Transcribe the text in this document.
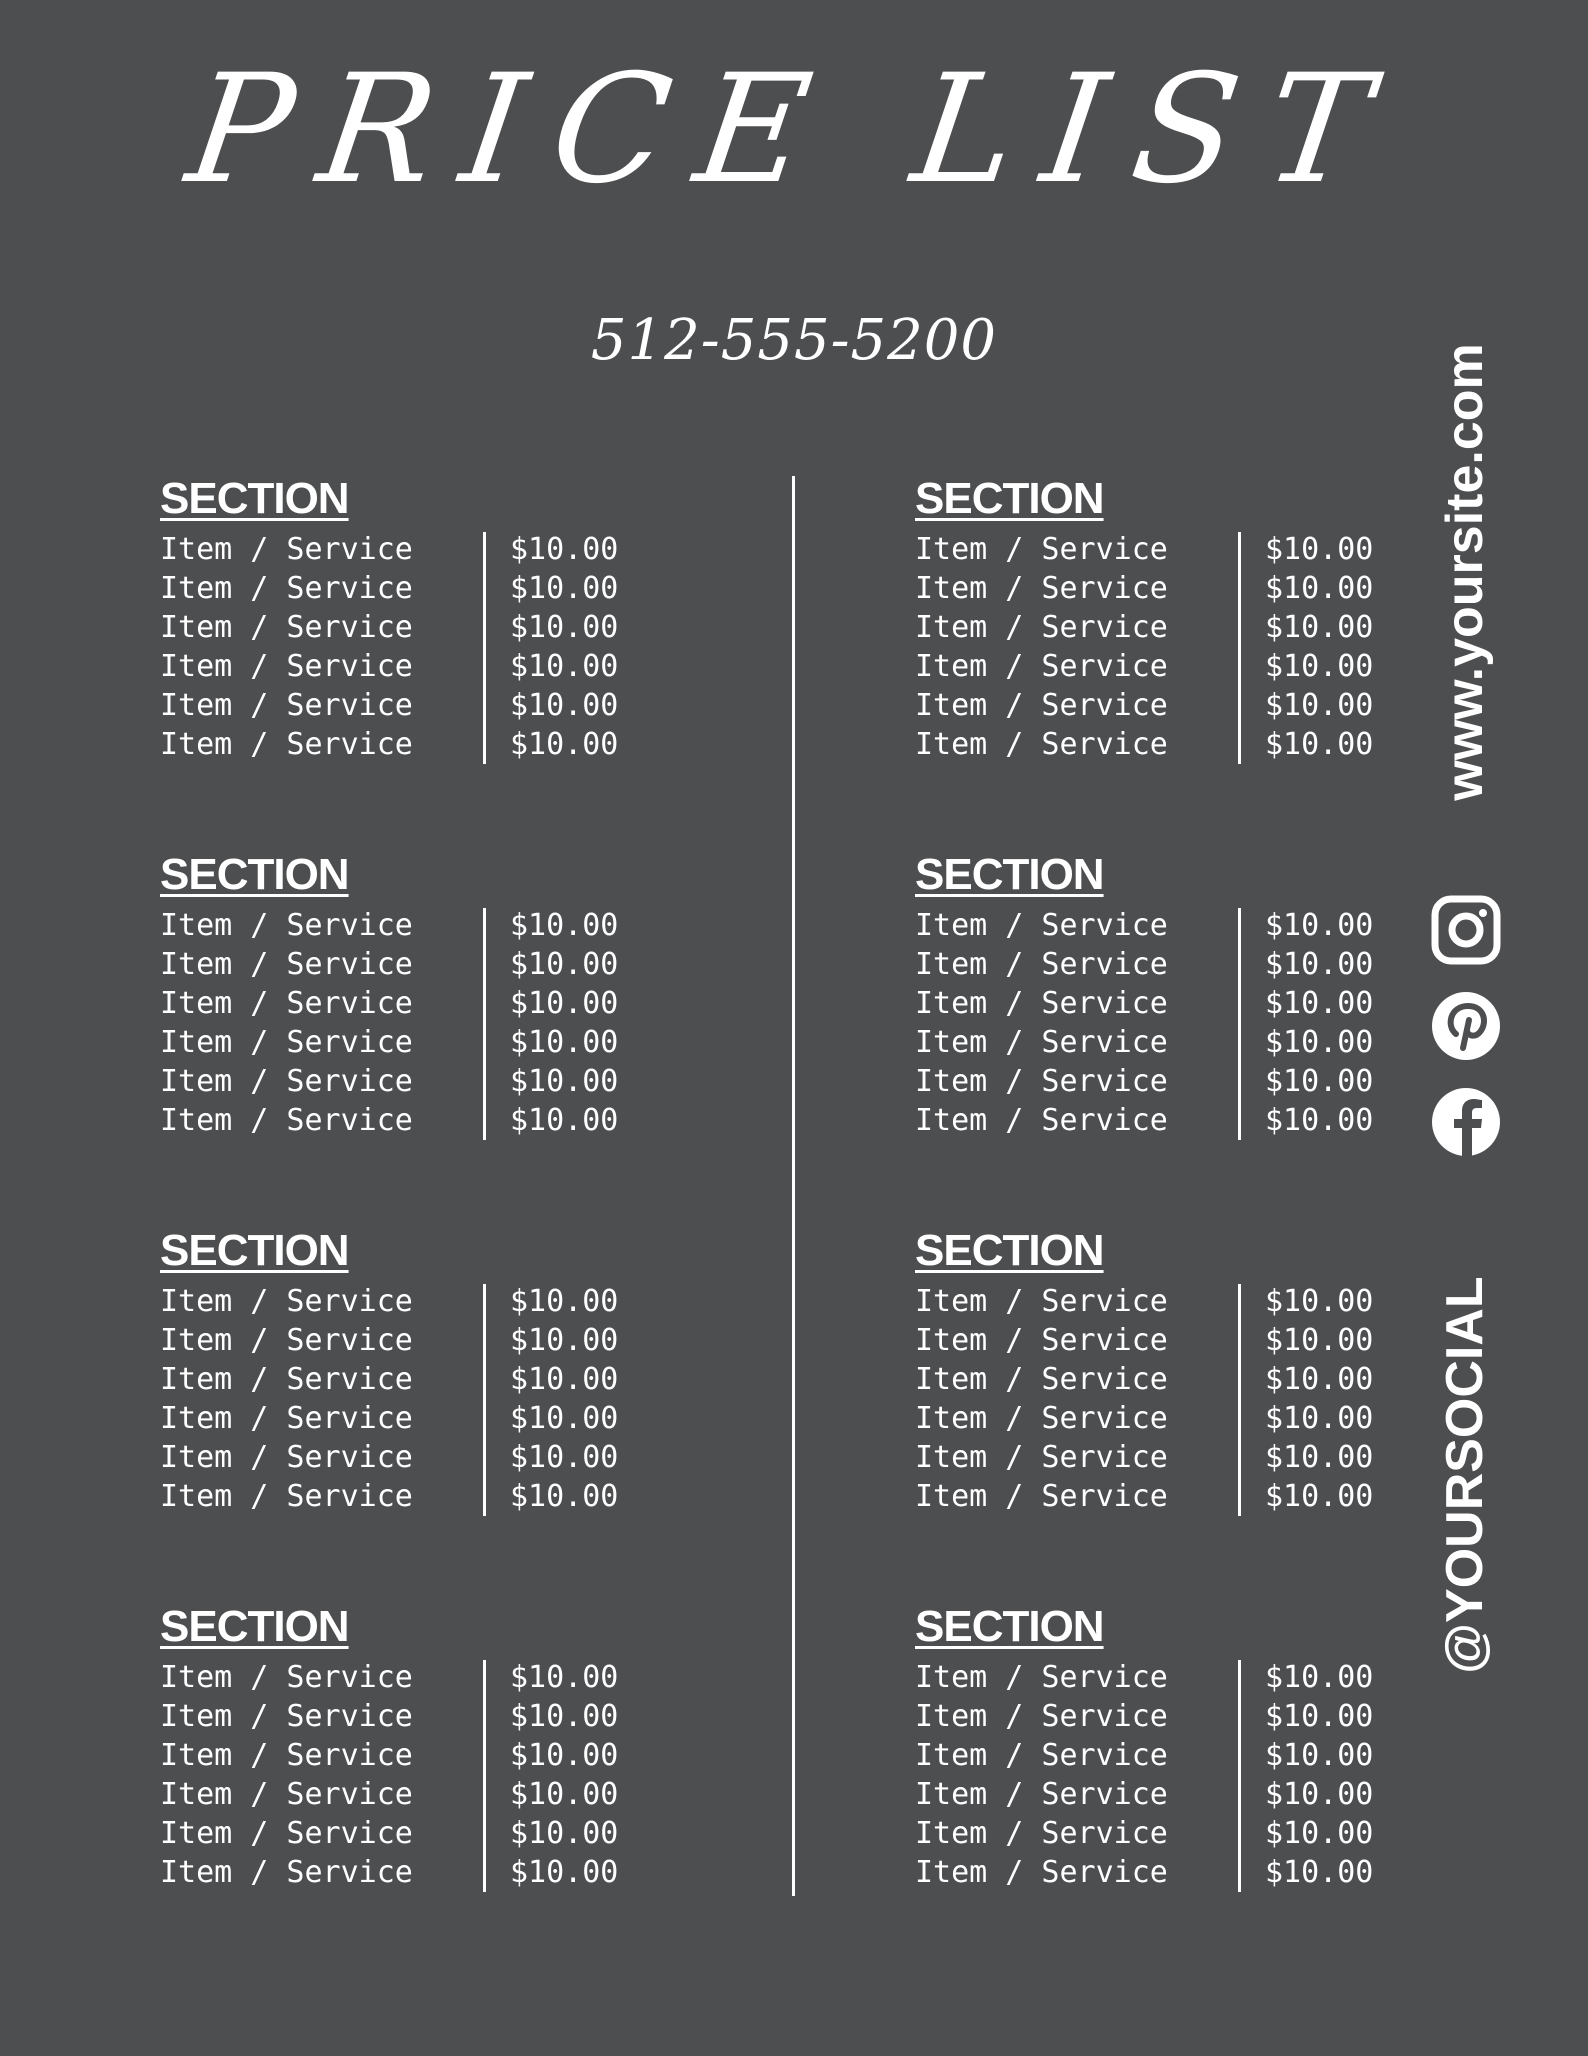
PRICE LIST
512-555-5200
SECTION
Item / Service	$10.00
Item / Service	$10.00
Item / Service	$10.00
Item / Service	$10.00
Item / Service	$10.00
Item / Service	$10.00
SECTION
Item / Service	$10.00
Item / Service	$10.00
Item / Service	$10.00
Item / Service	$10.00
Item / Service	$10.00
Item / Service	$10.00
SECTION
Item / Service	$10.00
Item / Service	$10.00
Item / Service	$10.00
Item / Service	$10.00
Item / Service	$10.00
Item / Service	$10.00
SECTION
Item / Service	$10.00
Item / Service	$10.00
Item / Service	$10.00
Item / Service	$10.00
Item / Service	$10.00
Item / Service	$10.00
SECTION
Item / Service	$10.00
Item / Service	$10.00
Item / Service	$10.00
Item / Service	$10.00
Item / Service	$10.00
Item / Service	$10.00
SECTION
Item / Service	$10.00
Item / Service	$10.00
Item / Service	$10.00
Item / Service	$10.00
Item / Service	$10.00
Item / Service	$10.00
SECTION
Item / Service	$10.00
Item / Service	$10.00
Item / Service	$10.00
Item / Service	$10.00
Item / Service	$10.00
Item / Service	$10.00
SECTION
Item / Service	$10.00
Item / Service	$10.00
Item / Service	$10.00
Item / Service	$10.00
Item / Service	$10.00
Item / Service	$10.00
www.yoursite.com
@YOURSOCIAL
